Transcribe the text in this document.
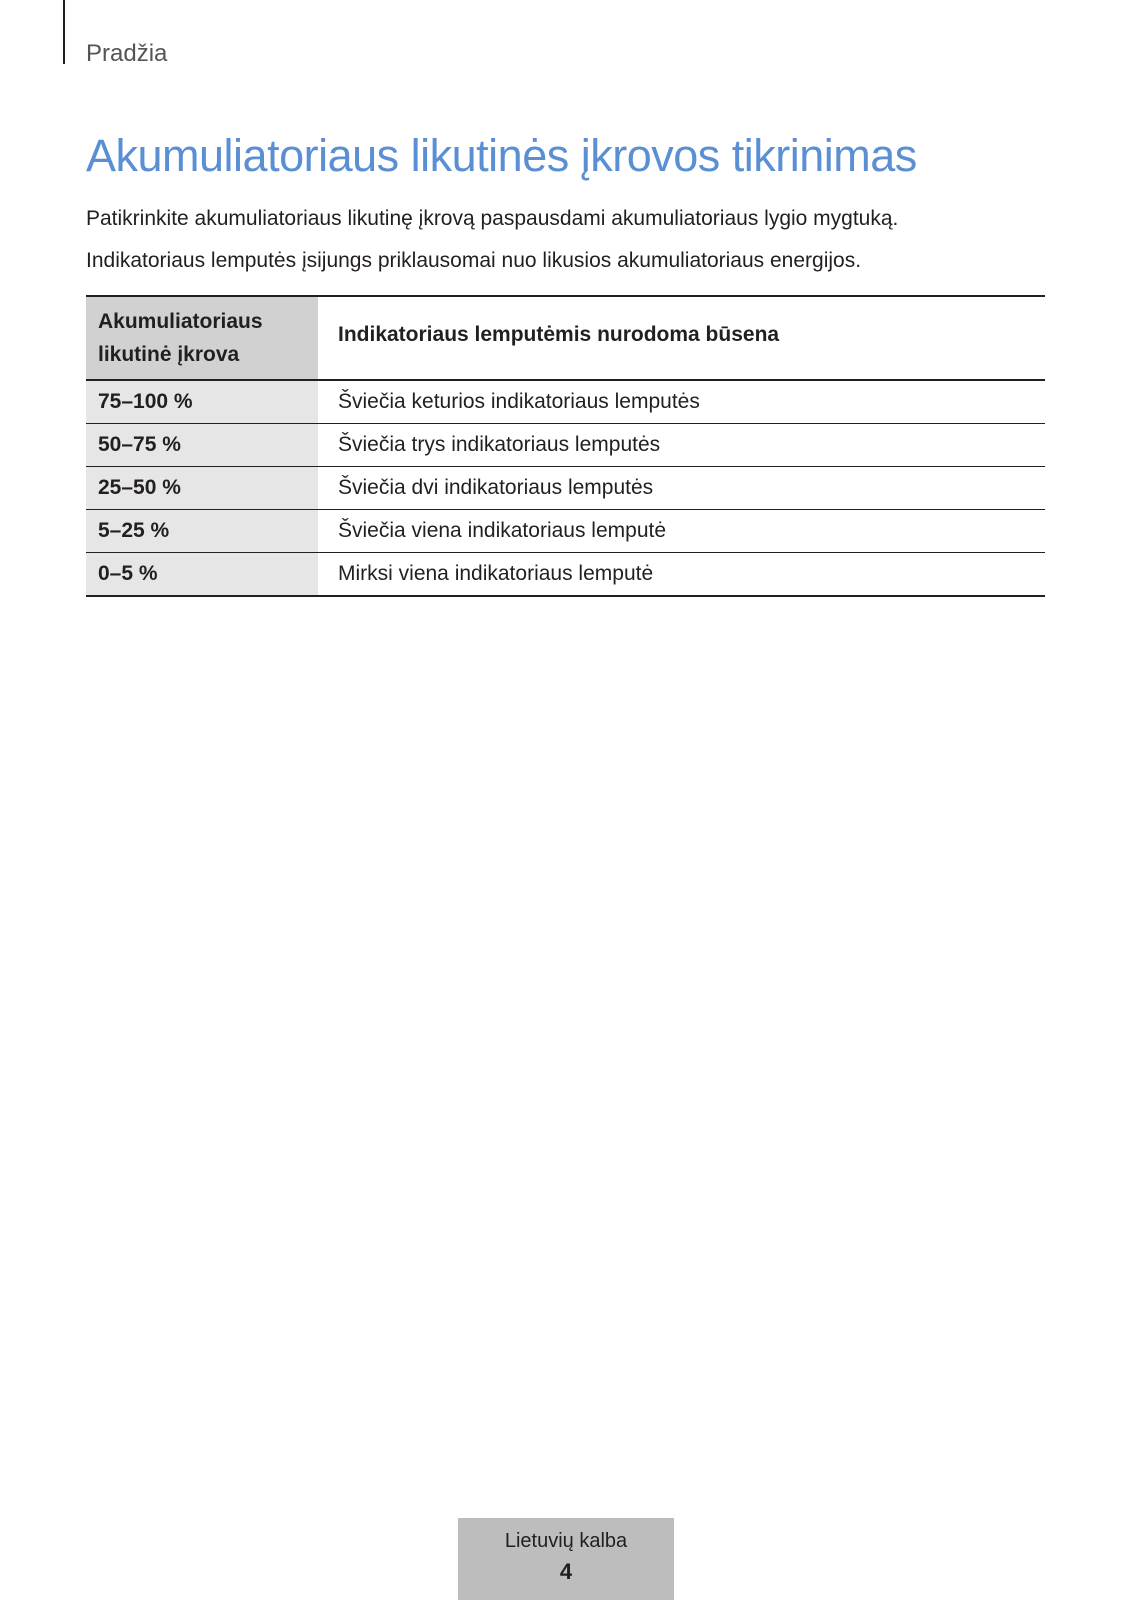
Pradžia
Akumuliatoriaus likutinės įkrovos tikrinimas

Patikrinkite akumuliatoriaus likutinę įkrovą paspausdami akumuliatoriaus lygio mygtuką.

Indikatoriaus lemputės įsijungs priklausomai nuo likusios akumuliatoriaus energijos.

Akumuliatoriaus likutinė įkrova	Indikatoriaus lemputėmis nurodoma būsena
75–100 %	Šviečia keturios indikatoriaus lemputės
50–75 %	Šviečia trys indikatoriaus lemputės
25–50 %	Šviečia dvi indikatoriaus lemputės
5–25 %	Šviečia viena indikatoriaus lemputė
0–5 %	Mirksi viena indikatoriaus lemputė
Lietuvių kalba
4
